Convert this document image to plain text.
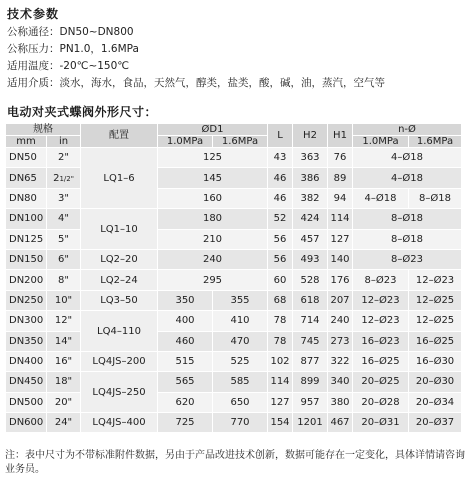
技术参数
公称通径：DN50~DN800
公称压力：PN1.0，1.6MPa
适用温度：-20℃~150℃
适用介质：淡水，海水，食品，天然气，醇类，盐类，酸，碱，油，蒸汽，空气等
电动对夹式蝶阀外形尺寸：
规格		配置	ØD1		L	H2	H1	n-Ø	
mm	in		1.0MPa	1.6MPa				1.0MPa	1.6MPa
DN50	2"	LQ1–6	125		43	363	76	4–Ø18	
DN65	21/2"		145		46	386	89	4–Ø18	
DN80	3"		160		46	382	94	4–Ø18	8–Ø18
DN100	4"	LQ1–10	180		52	424	114	8–Ø18	
DN125	5"		210		56	457	127	8–Ø18	
DN150	6"	LQ2–20	240		56	493	140	8–Ø23	
DN200	8"	LQ2–24	295		60	528	176	8–Ø23	12–Ø23
DN250	10"	LQ3–50	350	355	68	618	207	12–Ø23	12–Ø25
DN300	12"	LQ4–110	400	410	78	714	240	12–Ø23	12–Ø25
DN350	14"		460	470	78	745	273	16–Ø23	16–Ø25
DN400	16"	LQ4JS–200	515	525	102	877	322	16–Ø25	16–Ø30
DN450	18"	LQ4JS–250	565	585	114	899	340	20–Ø25	20–Ø30
DN500	20"		620	650	127	957	380	20–Ø28	20–Ø34
DN600	24"	LQ4JS–400	725	770	154	1201	467	20–Ø31	20–Ø37
注：表中尺寸为不带标准附件数据，另由于产品改进技术创新，数据可能存在一定变化，具体详情请咨询业务员。
